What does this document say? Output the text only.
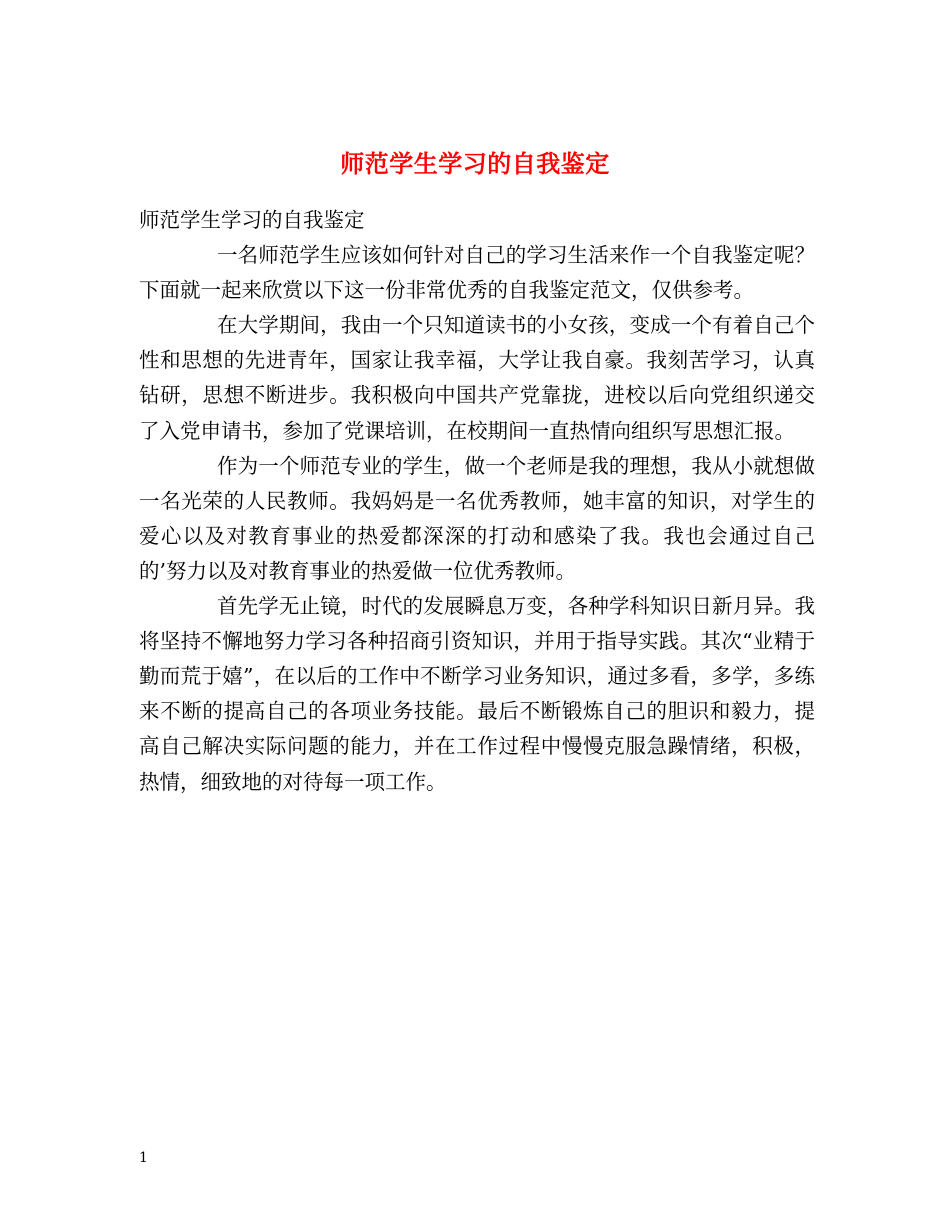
师范学生学习的自我鉴定

师范学生学习的自我鉴定

一名师范学生应该如何针对自己的学习生活来作一个自我鉴定呢？下面就一起来欣赏以下这一份非常优秀的自我鉴定范文，仅供参考。

在大学期间，我由一个只知道读书的小女孩，变成一个有着自己个性和思想的先进青年，国家让我幸福，大学让我自豪。我刻苦学习，认真钻研，思想不断进步。我积极向中国共产党靠拢，进校以后向党组织递交了入党申请书，参加了党课培训，在校期间一直热情向组织写思想汇报。

作为一个师范专业的学生，做一个老师是我的理想，我从小就想做一名光荣的人民教师。我妈妈是一名优秀教师，她丰富的知识，对学生的爱心以及对教育事业的热爱都深深的打动和感染了我。我也会通过自己的’努力以及对教育事业的热爱做一位优秀教师。

首先学无止镜，时代的发展瞬息万变，各种学科知识日新月异。我将坚持不懈地努力学习各种招商引资知识，并用于指导实践。其次“业精于勤而荒于嬉”，在以后的工作中不断学习业务知识，通过多看，多学，多练来不断的提高自己的各项业务技能。最后不断锻炼自己的胆识和毅力，提高自己解决实际问题的能力，并在工作过程中慢慢克服急躁情绪，积极，热情，细致地的对待每一项工作。

1
